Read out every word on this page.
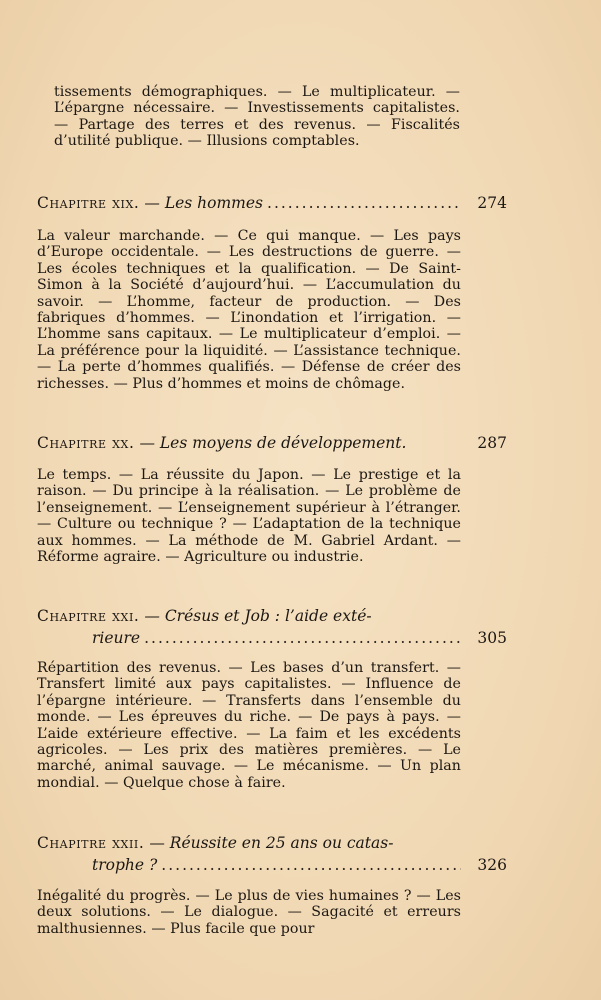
tissements démographiques. — Le multiplicateur. — L’épargne nécessaire. — Investissements capitalistes. — Partage des terres et des revenus. — Fiscalités d’utilité publique. — Illusions comptables.

Chapitre xix.
— Les hommes .....	274

La valeur marchande. — Ce qui manque. — Les pays d’Europe occidentale. — Les destructions de guerre. — Les écoles techniques et la qualification. — De Saint-Simon à la Société d’aujourd’hui. — L’accumulation du savoir. — L’homme, facteur de production. — Des fabriques d’hommes. — L’inondation et l’irrigation. — L’homme sans capitaux. — Le multiplicateur d’emploi. — La préférence pour la liquidité. — L’assistance technique. — La perte d’hommes qualifiés. — Défense de créer des richesses. — Plus d’hommes et moins de chômage.

Chapitre xx.
— Les moyens de développement.	287

Le temps. — La réussite du Japon. — Le prestige et la raison. — Du principe à la réalisation. — Le problème de l’enseignement. — L’enseignement supérieur à l’étranger. — Culture ou technique ? — L’adaptation de la technique aux hommes. — La méthode de M. Gabriel Ardant. — Réforme agraire. — Agriculture ou industrie.

Chapitre xxi.
— Crésus et Job : l’aide exté-
rieure .....	305

Répartition des revenus. — Les bases d’un transfert. — Transfert limité aux pays capitalistes. — Influence de l’épargne intérieure. — Transferts dans l’ensemble du monde. — Les épreuves du riche. — De pays à pays. — L’aide extérieure effective. — La faim et les excédents agricoles. — Les prix des matières premières. — Le marché, animal sauvage. — Le mécanisme. — Un plan mondial. — Quelque chose à faire.

Chapitre xxii.
— Réussite en 25 ans ou catas-
trophe ? .....	326

Inégalité du progrès. — Le plus de vies humaines ? — Les deux solutions. — Le dialogue. — Sagacité et erreurs malthusiennes. — Plus facile que pour
